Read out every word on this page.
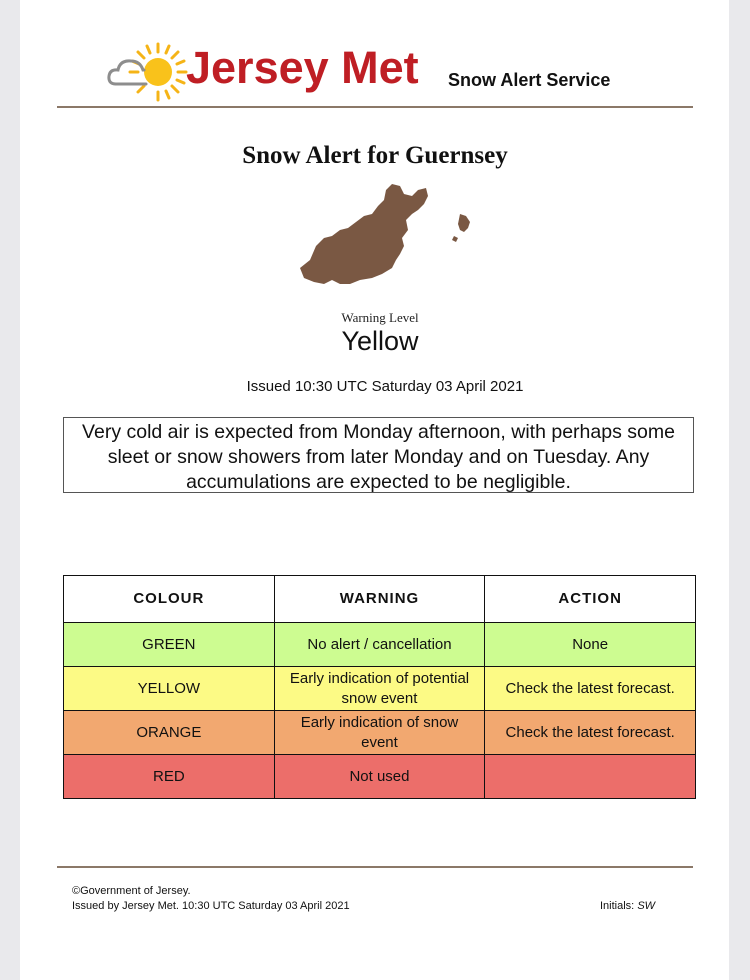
Jersey Met Snow Alert Service
Snow Alert for Guernsey
Warning Level
Yellow
Issued 10:30 UTC Saturday 03 April 2021
Very cold air is expected from Monday afternoon, with perhaps some sleet or snow showers from later Monday and on Tuesday. Any accumulations are expected to be negligible.
COLOUR	WARNING	ACTION
GREEN	No alert / cancellation	None
YELLOW	Early indication of potential snow event	Check the latest forecast.
ORANGE	Early indication of snow event	Check the latest forecast.
RED	Not used	
©Government of Jersey.
Issued by Jersey Met. 10:30 UTC Saturday 03 April 2021	Initials: SW
